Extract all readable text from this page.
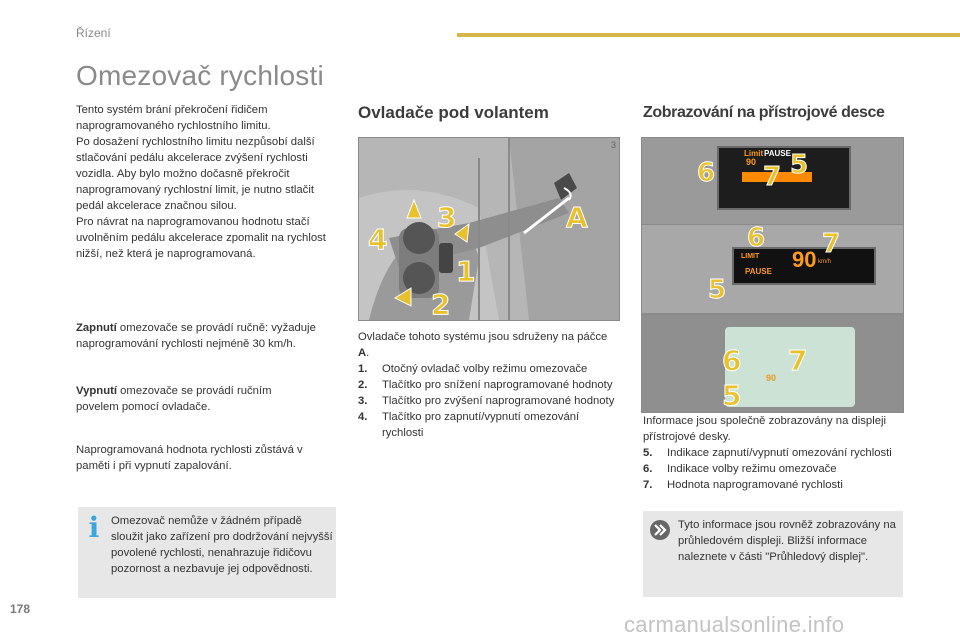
Řízení
Omezovač rychlosti
Tento systém brání překročení řidičem naprogramovaného rychlostního limitu.
Po dosažení rychlostního limitu nezpůsobí další stlačování pedálu akcelerace zvýšení rychlosti vozidla. Aby bylo možno dočasně překročit naprogramovaný rychlostní limit, je nutno stlačit pedál akcelerace značnou silou.
Pro návrat na naprogramovanou hodnotu stačí uvolněním pedálu akcelerace zpomalit na rychlost nižší, než která je naprogramovaná.
Zapnutí omezovače se provádí ručně: vyžaduje naprogramování rychlosti nejméně 30 km/h.
Vypnutí omezovače se provádí ručním povelem pomocí ovladače.
Naprogramovaná hodnota rychlosti zůstává v paměti i při vypnutí zapalování.
i	Omezovač nemůže v žádném případě sloužit jako zařízení pro dodržování nejvyšší povolené rychlosti, nenahrazuje řidičovu pozornost a nezbavuje jej odpovědnosti.
Ovladače pod volantem
3
4
1
2
A
3
Ovladače tohoto systému jsou sdruženy na páčce A.
1.	Otočný ovladač volby režimu omezovače
2.	Tlačítko pro snížení naprogramované hodnoty
3.	Tlačítko pro zvýšení naprogramované hodnoty
4.	Tlačítko pro zapnutí/vypnutí omezování rychlosti
Zobrazování na přístrojové desce
Limit PAUSE
90
6 7 5
LIMIT
PAUSE 90 km/h
6 7
5
90
6 7
5
Informace jsou společně zobrazovány na displeji přístrojové desky.
5.	Indikace zapnutí/vypnutí omezování rychlosti
6.	Indikace volby režimu omezovače
7.	Hodnota naprogramované rychlosti
Tyto informace jsou rovněž zobrazovány na průhledovém displeji. Bližší informace naleznete v části "Průhledový displej".
178
carmanualsonline.info
